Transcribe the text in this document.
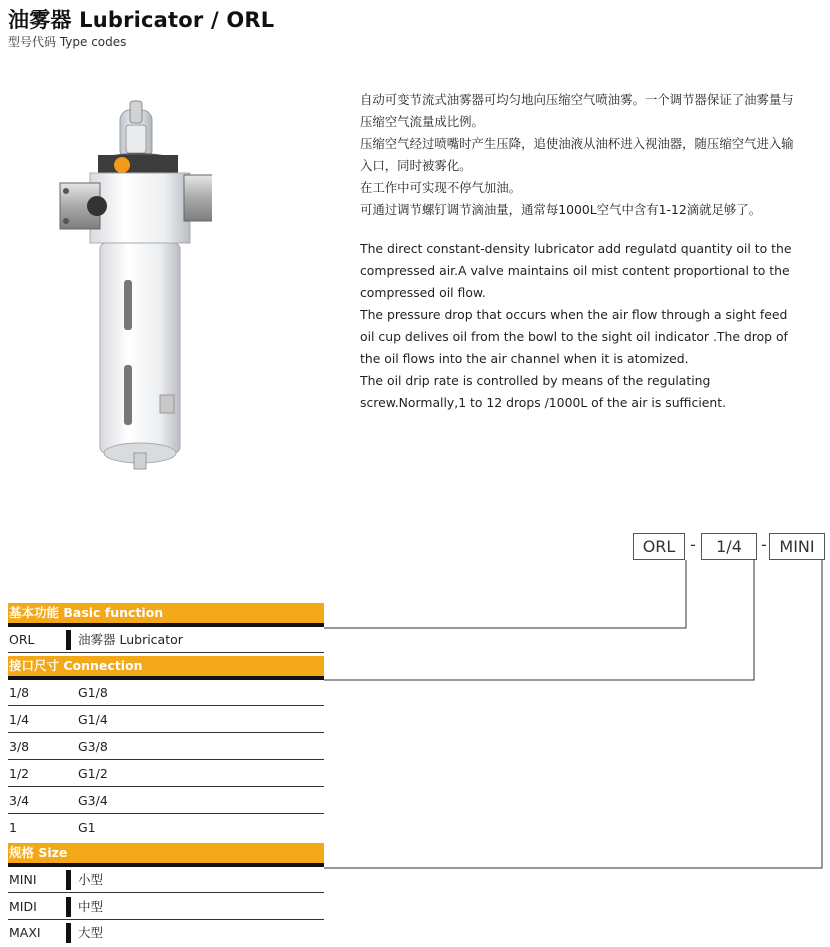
油雾器 Lubricator / ORL
型号代码 Type codes

自动可变节流式油雾器可均匀地向压缩空气喷油雾。一个调节器保证了油雾量与压缩空气流量成比例。

压缩空气经过喷嘴时产生压降，追使油液从油杯进入视油器，随压缩空气进入输入口，同时被雾化。

在工作中可实现不停气加油。

可通过调节螺钉调节滴油量，通常每1000L空气中含有1-12滴就足够了。

The direct constant-density lubricator add regulatd quantity oil to the compressed air.A valve maintains oil mist content proportional to the compressed oil flow.

The pressure drop that occurs when the air flow through a sight feed oil cup delives oil from the bowl to the sight oil indicator .The drop of the oil flows into the air channel when it is atomized.

The oil drip rate is controlled by means of the regulating screw.Normally,1 to 12 drops /1000L of the air is sufficient.

ORL -	1/4	- MINI
基本功能 Basic function
ORL	油雾器 Lubricator
接口尺寸 Connection
1/8	G1/8
1/4	G1/4
3/8	G3/8
1/2	G1/2
3/4	G3/4
1	G1
规格 Size
MINI	小型
MIDI	中型
MAXI	大型
